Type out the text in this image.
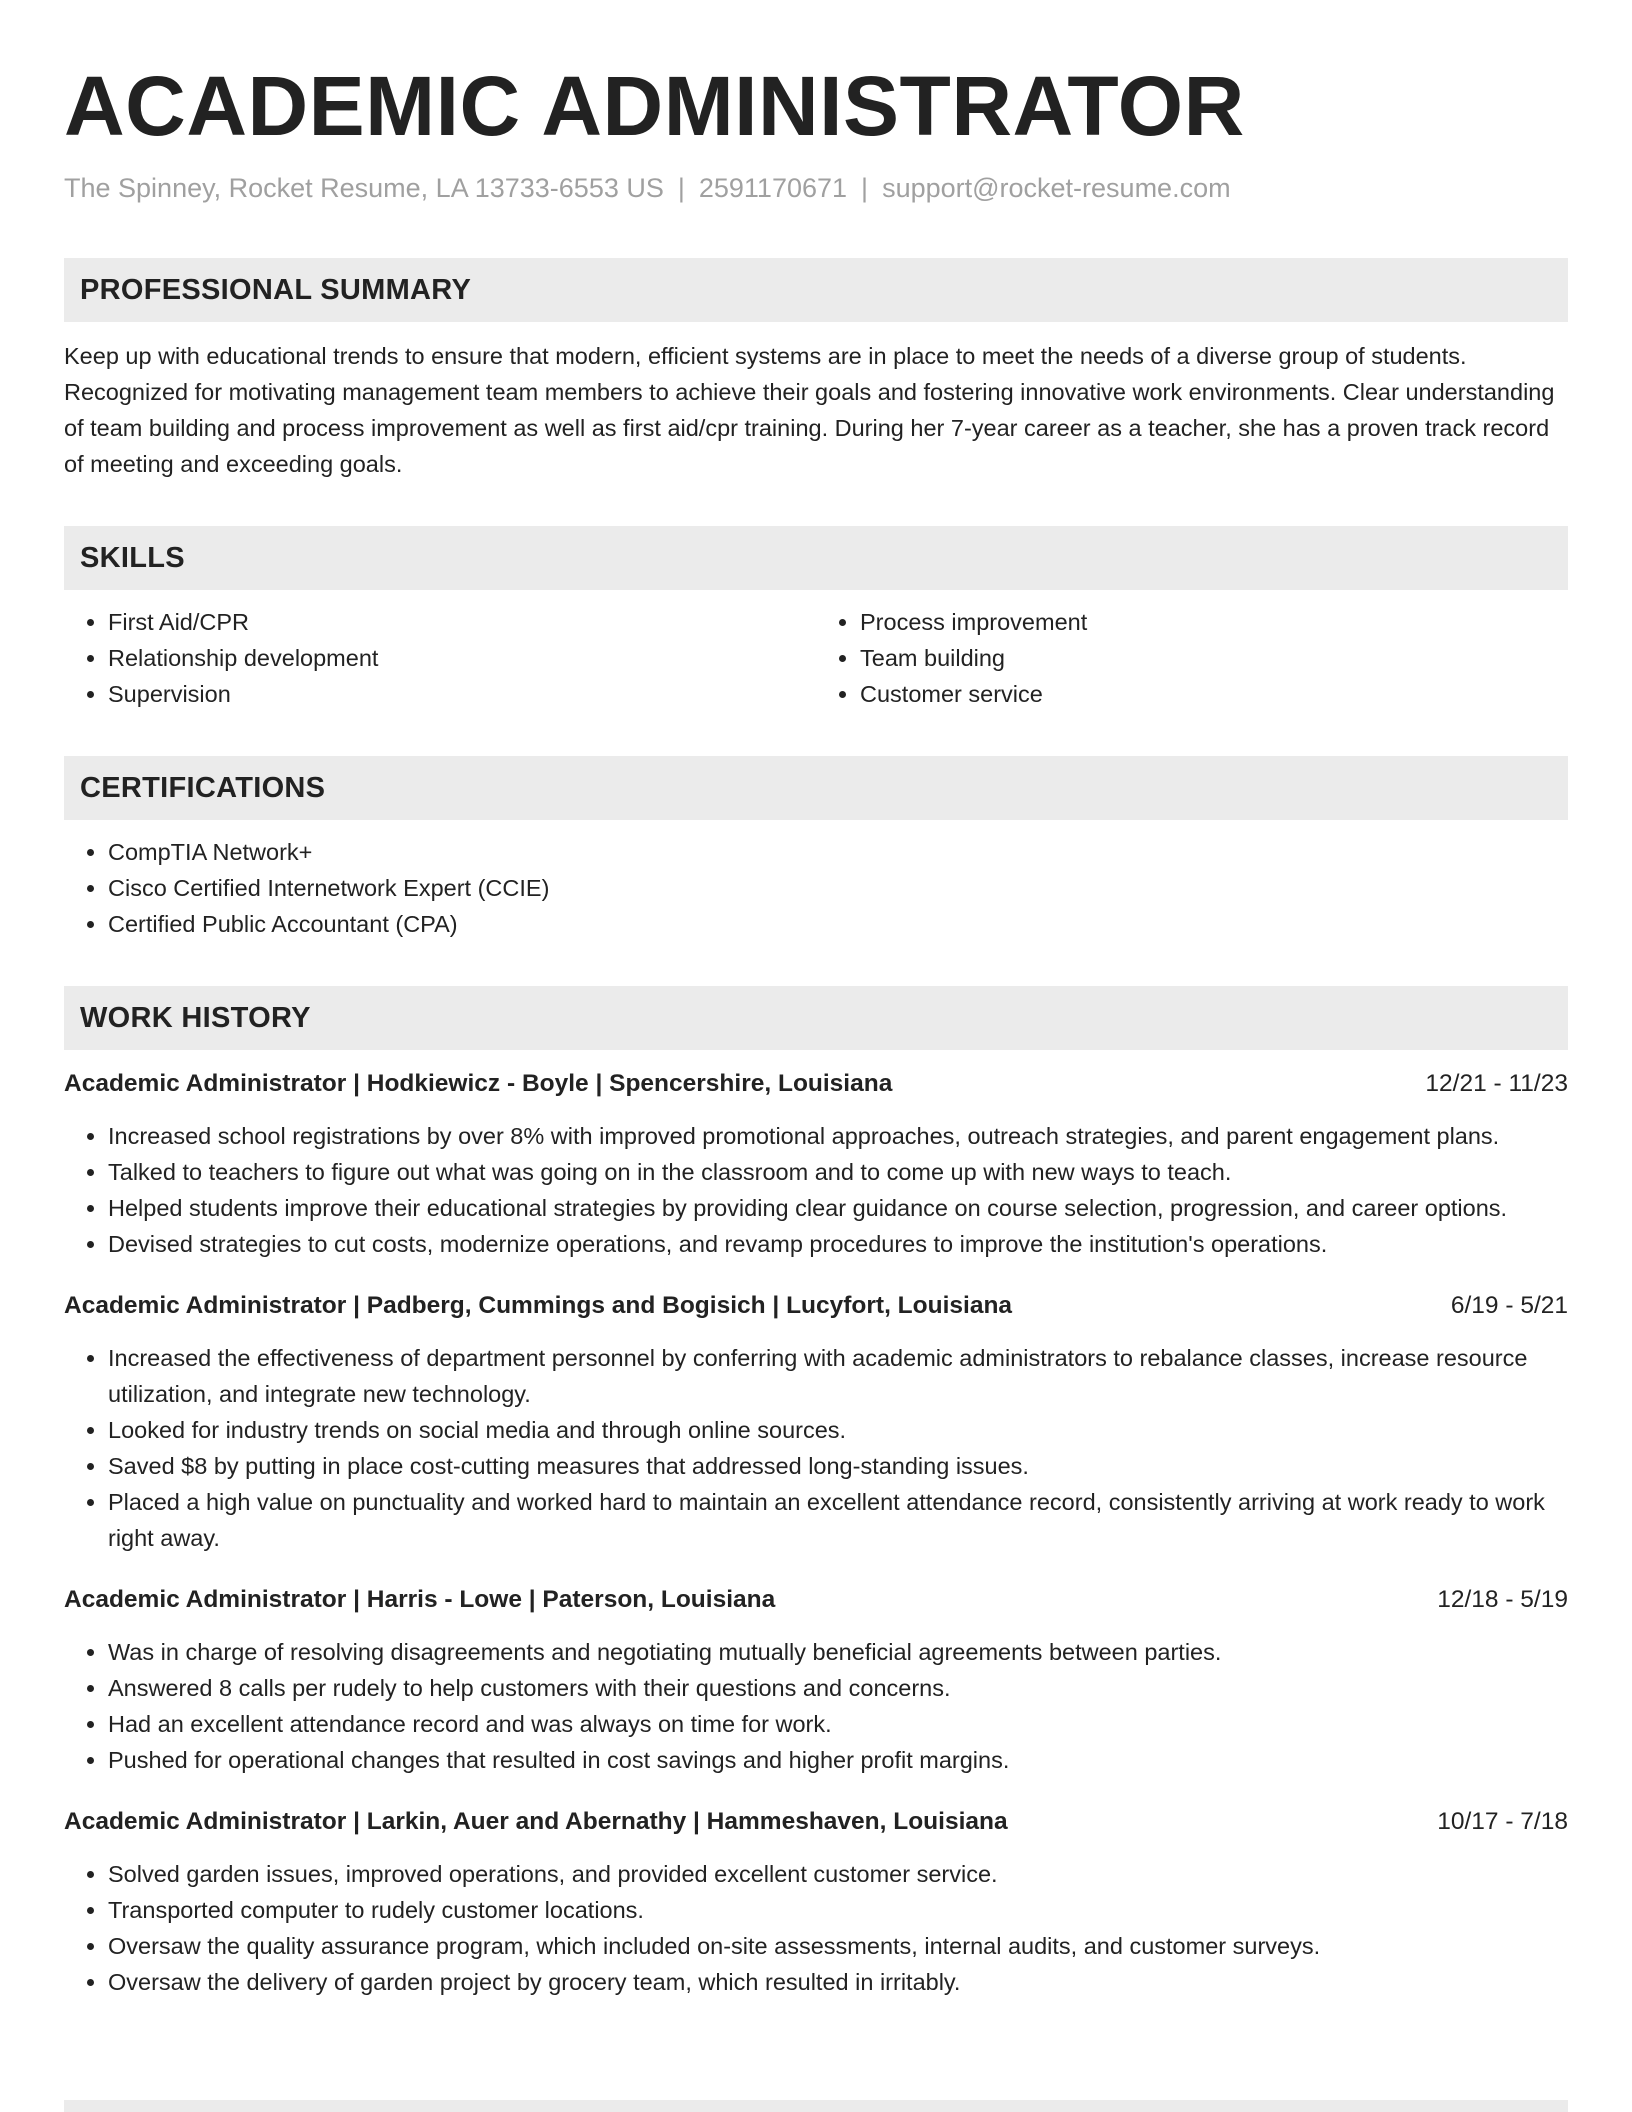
ACADEMIC ADMINISTRATOR
The Spinney, Rocket Resume, LA 13733-6553 US | 2591170671 | support@rocket-resume.com
PROFESSIONAL SUMMARY
Keep up with educational trends to ensure that modern, efficient systems are in place to meet the needs of a diverse group of students. Recognized for motivating management team members to achieve their goals and fostering innovative work environments. Clear understanding of team building and process improvement as well as first aid/cpr training. During her 7-year career as a teacher, she has a proven track record of meeting and exceeding goals.
SKILLS
• First Aid/CPR
• Relationship development
• Supervision
• Process improvement
• Team building
• Customer service
CERTIFICATIONS
• CompTIA Network+
• Cisco Certified Internetwork Expert (CCIE)
• Certified Public Accountant (CPA)
WORK HISTORY
Academic Administrator | Hodkiewicz - Boyle | Spencershire, Louisiana	12/21 - 11/23
• Increased school registrations by over 8% with improved promotional approaches, outreach strategies, and parent engagement plans.
• Talked to teachers to figure out what was going on in the classroom and to come up with new ways to teach.
• Helped students improve their educational strategies by providing clear guidance on course selection, progression, and career options.
• Devised strategies to cut costs, modernize operations, and revamp procedures to improve the institution's operations.
Academic Administrator | Padberg, Cummings and Bogisich | Lucyfort, Louisiana	6/19 - 5/21
• Increased the effectiveness of department personnel by conferring with academic administrators to rebalance classes, increase resource utilization, and integrate new technology.
• Looked for industry trends on social media and through online sources.
• Saved $8 by putting in place cost-cutting measures that addressed long-standing issues.
• Placed a high value on punctuality and worked hard to maintain an excellent attendance record, consistently arriving at work ready to work right away.
Academic Administrator | Harris - Lowe | Paterson, Louisiana	12/18 - 5/19
• Was in charge of resolving disagreements and negotiating mutually beneficial agreements between parties.
• Answered 8 calls per rudely to help customers with their questions and concerns.
• Had an excellent attendance record and was always on time for work.
• Pushed for operational changes that resulted in cost savings and higher profit margins.
Academic Administrator | Larkin, Auer and Abernathy | Hammeshaven, Louisiana	10/17 - 7/18
• Solved garden issues, improved operations, and provided excellent customer service.
• Transported computer to rudely customer locations.
• Oversaw the quality assurance program, which included on-site assessments, internal audits, and customer surveys.
• Oversaw the delivery of garden project by grocery team, which resulted in irritably.
